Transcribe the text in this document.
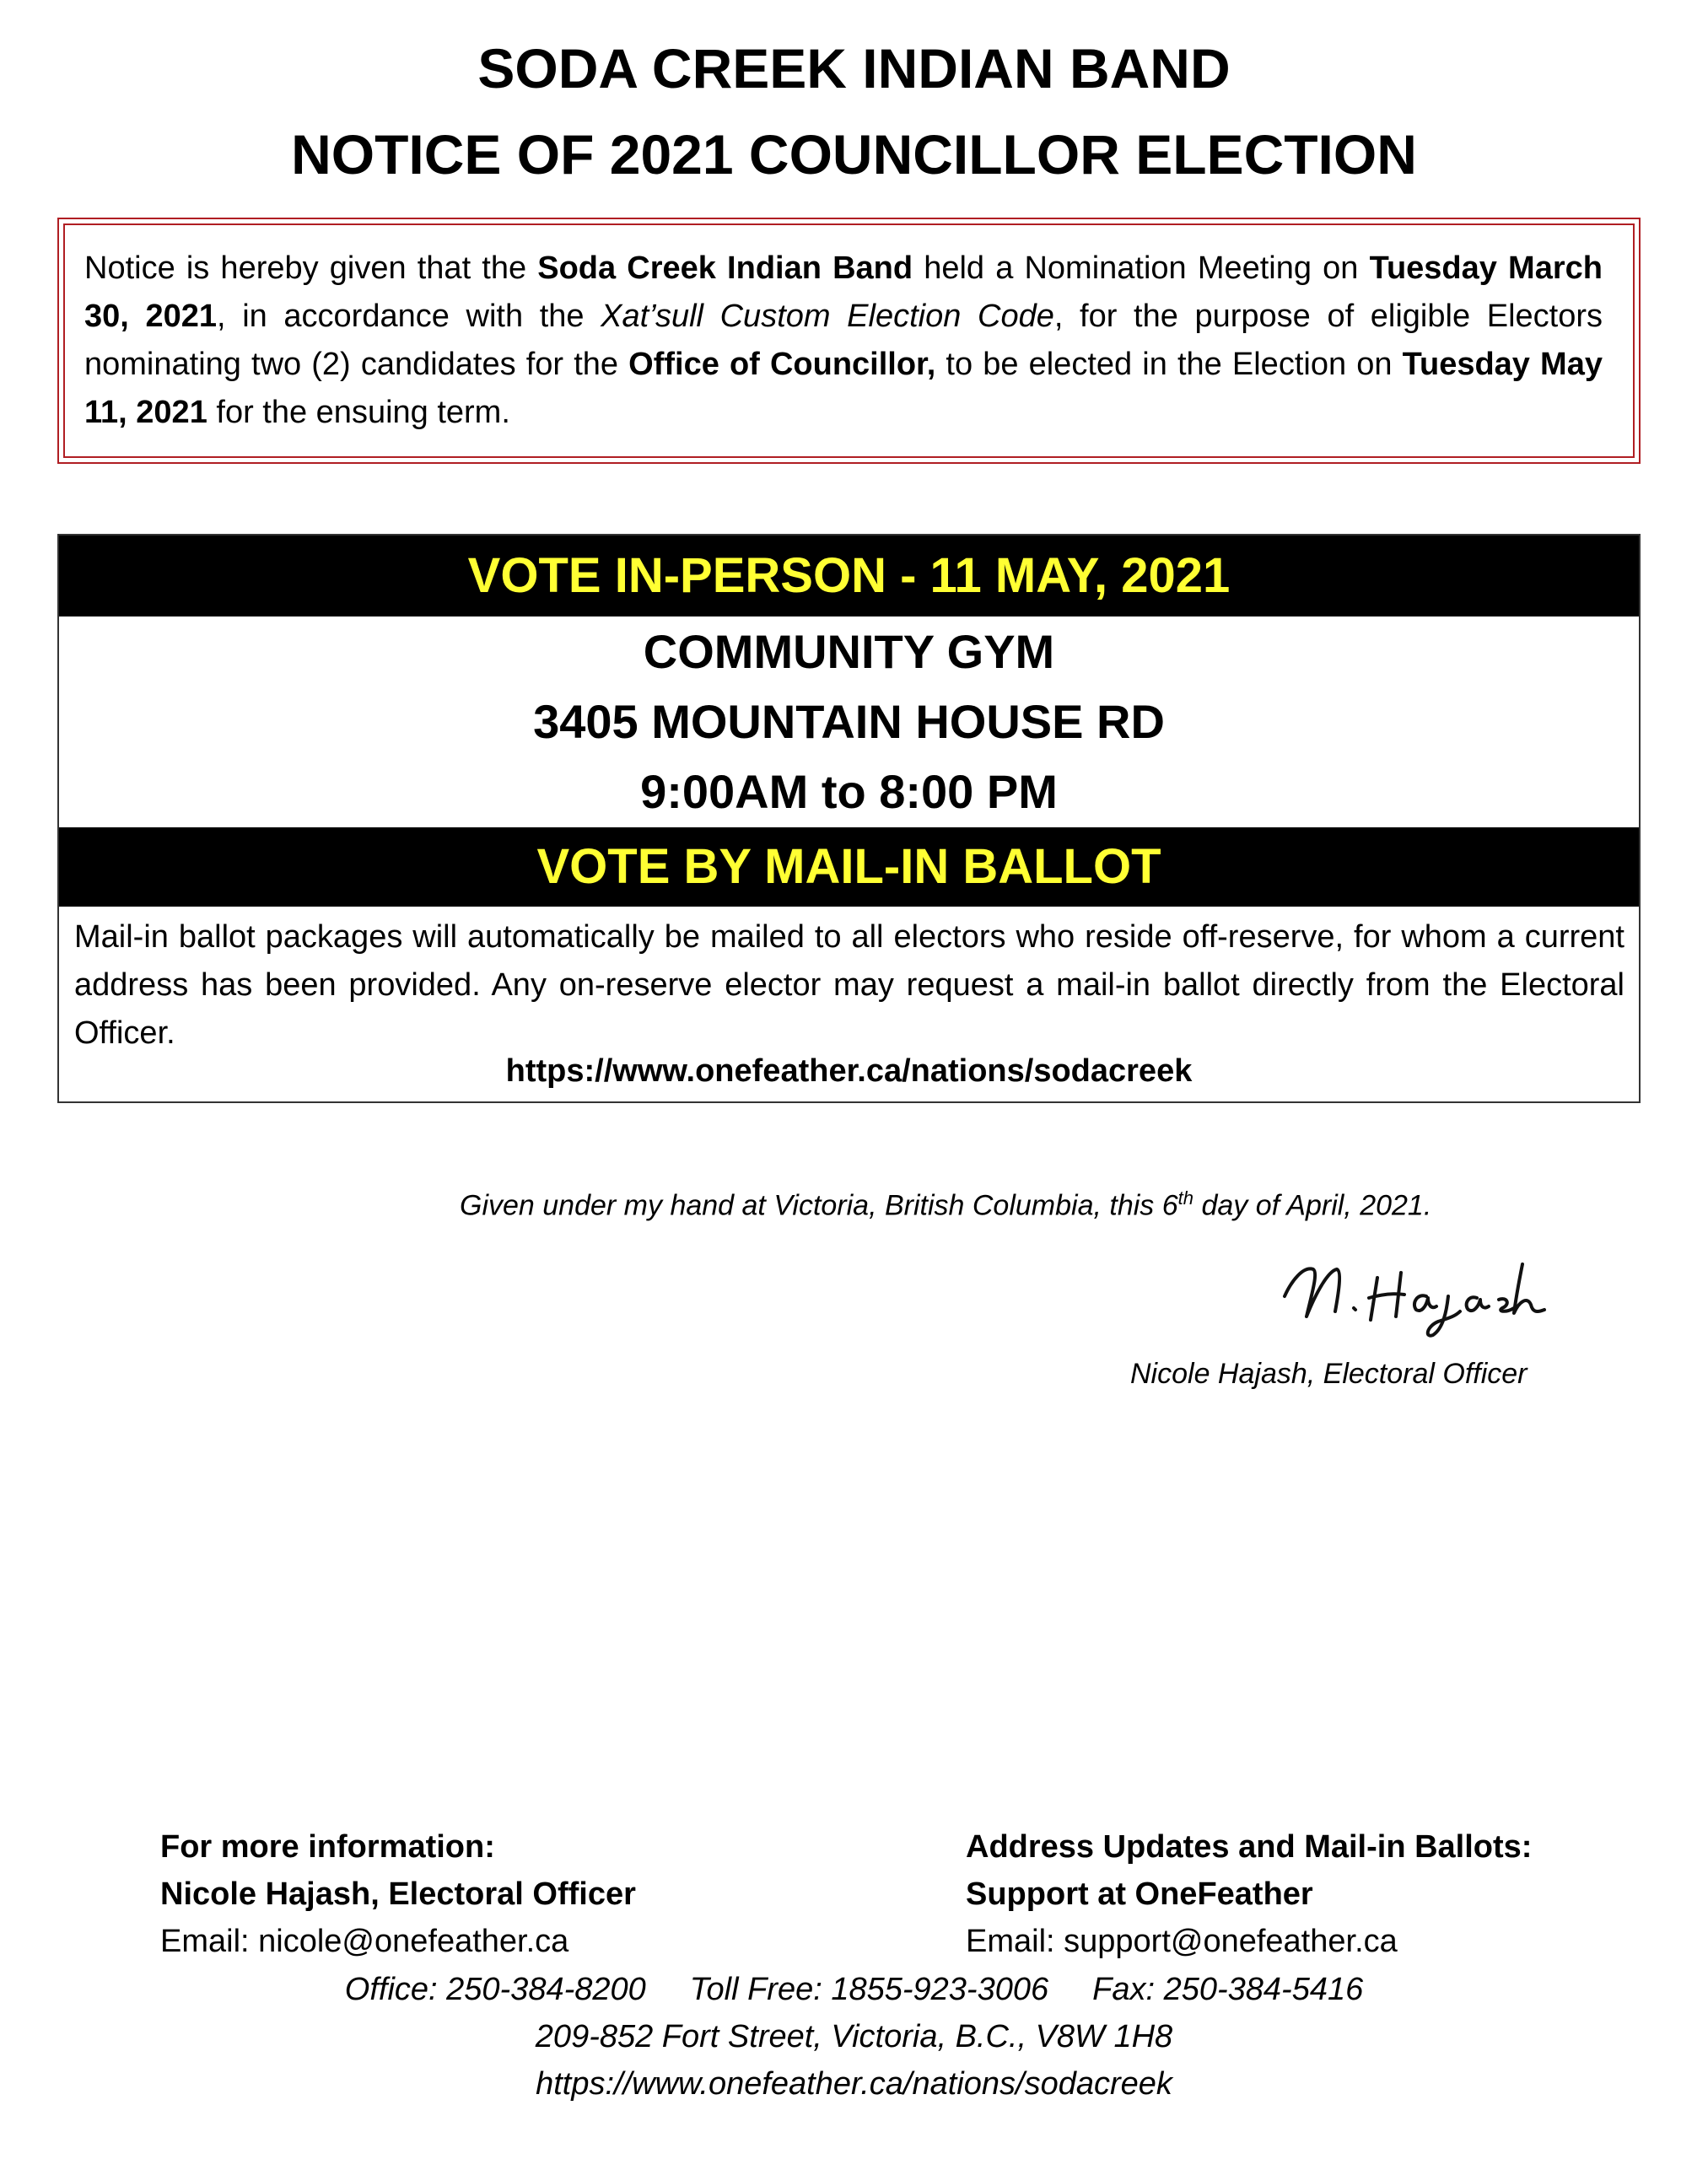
SODA CREEK INDIAN BAND
NOTICE OF 2021 COUNCILLOR ELECTION
Notice is hereby given that the Soda Creek Indian Band held a Nomination Meeting on Tuesday March 30, 2021, in accordance with the Xat’sull Custom Election Code, for the purpose of eligible Electors nominating two (2) candidates for the Office of Councillor, to be elected in the Election on Tuesday May 11, 2021 for the ensuing term.
VOTE IN-PERSON - 11 MAY, 2021
COMMUNITY GYM
3405 MOUNTAIN HOUSE RD
9:00AM to 8:00 PM
VOTE BY MAIL-IN BALLOT
Mail-in ballot packages will automatically be mailed to all electors who reside off-reserve, for whom a current address has been provided. Any on-reserve elector may request a mail-in ballot directly from the Electoral Officer.
https://www.onefeather.ca/nations/sodacreek
Given under my hand at Victoria, British Columbia, this 6th day of April, 2021.
Nicole Hajash, Electoral Officer
For more information:
Nicole Hajash, Electoral Officer
Email: nicole@onefeather.ca
Address Updates and Mail-in Ballots:
Support at OneFeather
Email: support@onefeather.ca
Office: 250-384-8200 Toll Free: 1855-923-3006 Fax: 250-384-5416
209-852 Fort Street, Victoria, B.C., V8W 1H8
https://www.onefeather.ca/nations/sodacreek
